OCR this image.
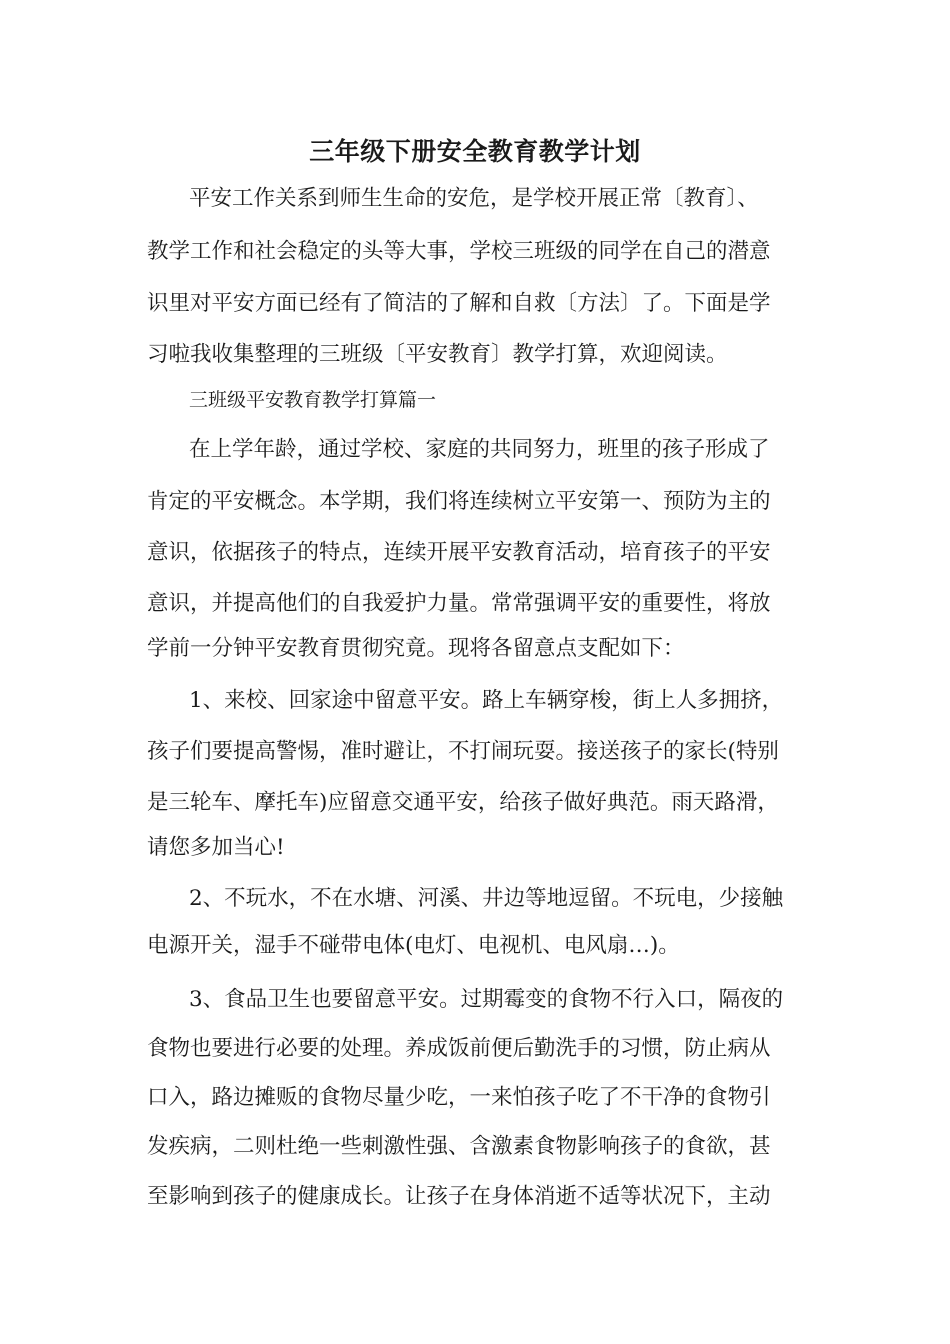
三年级下册安全教育教学计划
平安工作关系到师生生命的安危，是学校开展正常〔教育〕、
教学工作和社会稳定的头等大事，学校三班级的同学在自己的潜意
识里对平安方面已经有了简洁的了解和自救〔方法〕了。下面是学
习啦我收集整理的三班级〔平安教育〕教学打算，欢迎阅读。
三班级平安教育教学打算篇一
在上学年龄，通过学校、家庭的共同努力，班里的孩子形成了
肯定的平安概念。本学期，我们将连续树立平安第一、预防为主的
意识，依据孩子的特点，连续开展平安教育活动，培育孩子的平安
意识，并提高他们的自我爱护力量。常常强调平安的重要性，将放
学前一分钟平安教育贯彻究竟。现将各留意点支配如下：
1、来校、回家途中留意平安。路上车辆穿梭，街上人多拥挤，
孩子们要提高警惕，准时避让，不打闹玩耍。接送孩子的家长(特别
是三轮车、摩托车)应留意交通平安，给孩子做好典范。雨天路滑，
请您多加当心!
2、不玩水，不在水塘、河溪、井边等地逗留。不玩电，少接触
电源开关，湿手不碰带电体(电灯、电视机、电风扇…)。
3、食品卫生也要留意平安。过期霉变的食物不行入口，隔夜的
食物也要进行必要的处理。养成饭前便后勤洗手的习惯，防止病从
口入，路边摊贩的食物尽量少吃，一来怕孩子吃了不干净的食物引
发疾病，二则杜绝一些刺激性强、含激素食物影响孩子的食欲，甚
至影响到孩子的健康成长。让孩子在身体消逝不适等状况下，主动
